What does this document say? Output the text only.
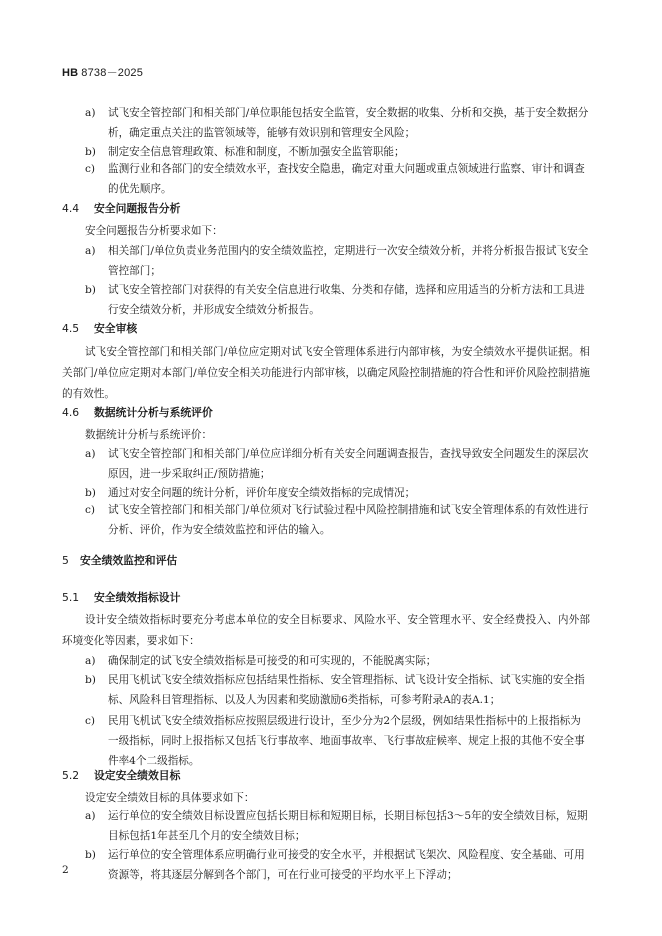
HB 8738－2025
a)	试飞安全管控部门和相关部门/单位职能包括安全监管，安全数据的收集、分析和交换，基于安全数据分析，确定重点关注的监管领域等，能够有效识别和管理安全风险；
b)	制定安全信息管理政策、标准和制度，不断加强安全监管职能；
c)	监测行业和各部门的安全绩效水平，查找安全隐患，确定对重大问题或重点领域进行监察、审计和调查的优先顺序。
4.4 安全问题报告分析
安全问题报告分析要求如下：
a)	相关部门/单位负责业务范围内的安全绩效监控，定期进行一次安全绩效分析，并将分析报告报试飞安全管控部门；
b)	试飞安全管控部门对获得的有关安全信息进行收集、分类和存储，选择和应用适当的分析方法和工具进行安全绩效分析，并形成安全绩效分析报告。
4.5 安全审核
试飞安全管控部门和相关部门/单位应定期对试飞安全管理体系进行内部审核，为安全绩效水平提供证据。相关部门/单位应定期对本部门/单位安全相关功能进行内部审核，以确定风险控制措施的符合性和评价风险控制措施的有效性。
4.6 数据统计分析与系统评价
数据统计分析与系统评价：
a)	试飞安全管控部门和相关部门/单位应详细分析有关安全问题调查报告，查找导致安全问题发生的深层次原因，进一步采取纠正/预防措施；
b)	通过对安全问题的统计分析，评价年度安全绩效指标的完成情况；
c)	试飞安全管控部门和相关部门/单位须对飞行试验过程中风险控制措施和试飞安全管理体系的有效性进行分析、评价，作为安全绩效监控和评估的输入。
5 安全绩效监控和评估
5.1 安全绩效指标设计
设计安全绩效指标时要充分考虑本单位的安全目标要求、风险水平、安全管理水平、安全经费投入、内外部环境变化等因素，要求如下：
a)	确保制定的试飞安全绩效指标是可接受的和可实现的，不能脱离实际；
b)	民用飞机试飞安全绩效指标应包括结果性指标、安全管理指标、试飞设计安全指标、试飞实施的安全指标、风险科目管理指标、以及人为因素和奖励激励6类指标，可参考附录A的表A.1；
c)	民用飞机试飞安全绩效指标应按照层级进行设计，至少分为2个层级，例如结果性指标中的上报指标为一级指标，同时上报指标又包括飞行事故率、地面事故率、飞行事故症候率、规定上报的其他不安全事件率4个二级指标。
5.2 设定安全绩效目标
设定安全绩效目标的具体要求如下：
a)	运行单位的安全绩效目标设置应包括长期目标和短期目标，长期目标包括3～5年的安全绩效目标，短期目标包括1年甚至几个月的安全绩效目标；
b)	运行单位的安全管理体系应明确行业可接受的安全水平，并根据试飞架次、风险程度、安全基础、可用资源等，将其逐层分解到各个部门，可在行业可接受的平均水平上下浮动；
2
